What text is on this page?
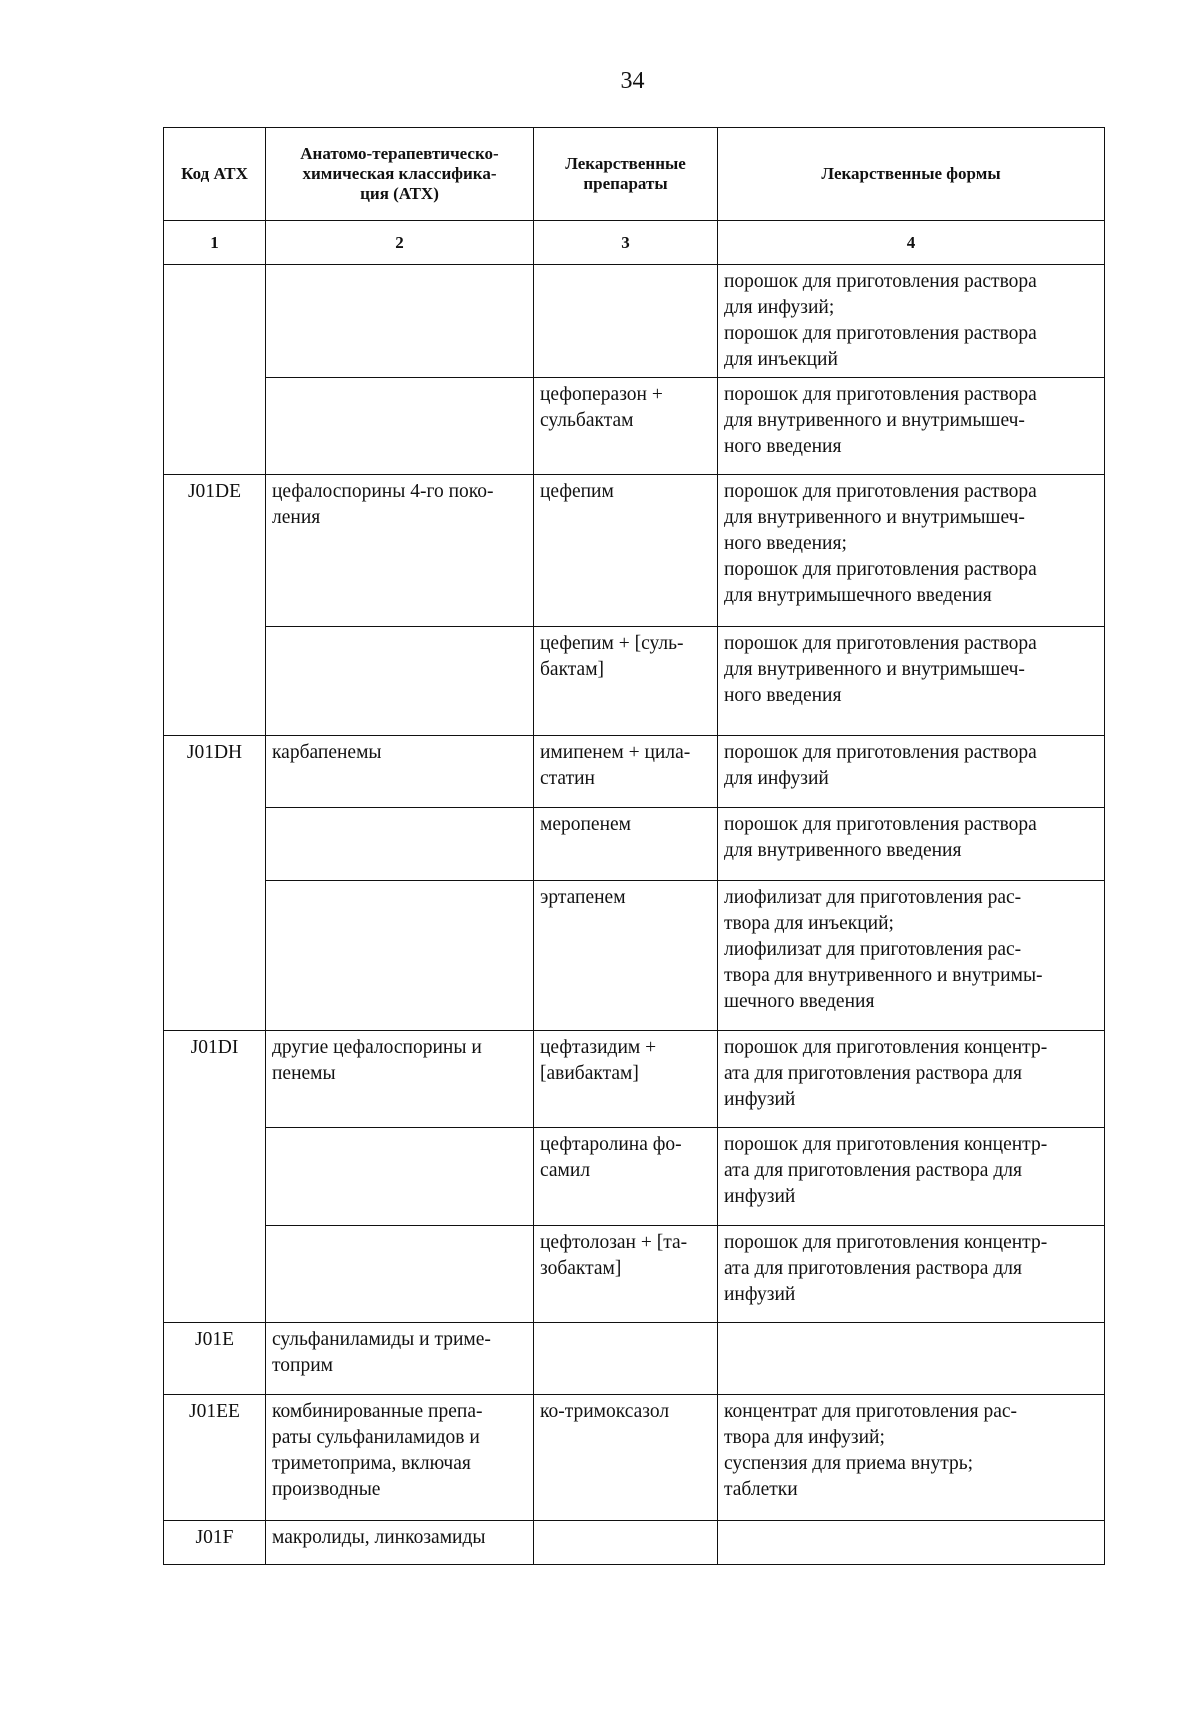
34
Код АТХ	Анатомо-терапевтическо-
химическая классифика-
ция (АТХ)	Лекарственные
препараты	Лекарственные формы

1	2	3	4

			порошок для приготовления раствора
для инфузий;
порошок для приготовления раствора
для инъекций

		цефоперазон +
сульбактам	порошок для приготовления раствора
для внутривенного и внутримышеч-
ного введения

J01DE	цефалоспорины 4-го поко-
ления	цефепим	порошок для приготовления раствора
для внутривенного и внутримышеч-
ного введения;
порошок для приготовления раствора
для внутримышечного введения

		цефепим + [суль-
бактам]	порошок для приготовления раствора
для внутривенного и внутримышеч-
ного введения

J01DH	карбапенемы	имипенем + цила-
статин	порошок для приготовления раствора
для инфузий

		меропенем	порошок для приготовления раствора
для внутривенного введения

		эртапенем	лиофилизат для приготовления рас-
твора для инъекций;
лиофилизат для приготовления рас-
твора для внутривенного и внутримы-
шечного введения

J01DI	другие цефалоспорины и
пенемы	цефтазидим +
[авибактам]	порошок для приготовления концентр-
ата для приготовления раствора для
инфузий

		цефтаролина фо-
самил	порошок для приготовления концентр-
ата для приготовления раствора для
инфузий

		цефтолозан + [та-
зобактам]	порошок для приготовления концентр-
ата для приготовления раствора для
инфузий

J01E	сульфаниламиды и триме-
топрим		

J01EE	комбинированные препа-
раты сульфаниламидов и
триметоприма, включая
производные	ко-тримоксазол	концентрат для приготовления рас-
твора для инфузий;
суспензия для приема внутрь;
таблетки

J01F	макролиды, линкозамиды		
